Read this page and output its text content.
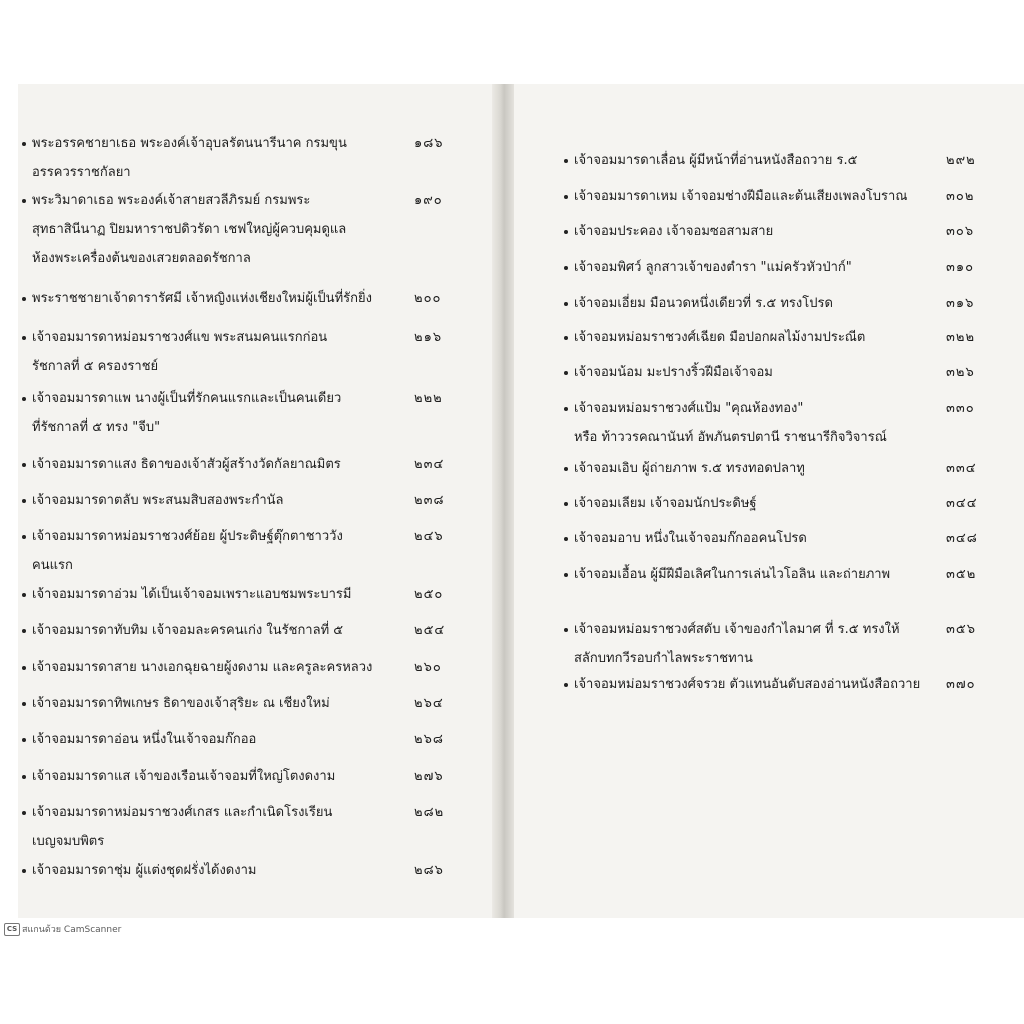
พระอรรคชายาเธอ พระองค์เจ้าอุบลรัตนนารีนาค กรมขุน
อรรควรราชกัลยา
๑๘๖
พระวิมาดาเธอ พระองค์เจ้าสายสวลีภิรมย์ กรมพระ
สุทธาสินีนาฏ ปิยมหาราชปดิวรัดา เชฟใหญ่ผู้ควบคุมดูแล
ห้องพระเครื่องต้นของเสวยตลอดรัชกาล
๑๙๐
พระราชชายาเจ้าดารารัศมี เจ้าหญิงแห่งเชียงใหม่ผู้เป็นที่รักยิ่ง	๒๐๐
เจ้าจอมมารดาหม่อมราชวงศ์แข พระสนมคนแรกก่อน
รัชกาลที่ ๕ ครองราชย์
๒๑๖
เจ้าจอมมารดาแพ นางผู้เป็นที่รักคนแรกและเป็นคนเดียว
ที่รัชกาลที่ ๕ ทรง "จีบ"
๒๒๒
เจ้าจอมมารดาแสง ธิดาของเจ้าสัวผู้สร้างวัดกัลยาณมิตร	๒๓๔
เจ้าจอมมารดาตลับ พระสนมสิบสองพระกำนัล	๒๓๘
เจ้าจอมมารดาหม่อมราชวงศ์ย้อย ผู้ประดิษฐ์ตุ๊กตาชาววัง
คนแรก
๒๔๖
เจ้าจอมมารดาอ่วม ได้เป็นเจ้าจอมเพราะแอบชมพระบารมี	๒๕๐
เจ้าจอมมารดาทับทิม เจ้าจอมละครคนเก่ง ในรัชกาลที่ ๕	๒๕๔
เจ้าจอมมารดาสาย นางเอกฉุยฉายผู้งดงาม และครูละครหลวง	๒๖๐
เจ้าจอมมารดาทิพเกษร ธิดาของเจ้าสุริยะ ณ เชียงใหม่	๒๖๔
เจ้าจอมมารดาอ่อน หนึ่งในเจ้าจอมก๊กออ	๒๖๘
เจ้าจอมมารดาแส เจ้าของเรือนเจ้าจอมที่ใหญ่โตงดงาม	๒๗๖
เจ้าจอมมารดาหม่อมราชวงศ์เกสร และกำเนิดโรงเรียน
เบญจมบพิตร
๒๘๒
เจ้าจอมมารดาชุ่ม ผู้แต่งชุดฝรั่งได้งดงาม	๒๘๖
เจ้าจอมมารดาเลื่อน ผู้มีหน้าที่อ่านหนังสือถวาย ร.๕	๒๙๒
เจ้าจอมมารดาเหม เจ้าจอมช่างฝีมือและต้นเสียงเพลงโบราณ	๓๐๒
เจ้าจอมประคอง เจ้าจอมซอสามสาย	๓๐๖
เจ้าจอมพิศว์ ลูกสาวเจ้าของตำรา "แม่ครัวหัวป่าก์"	๓๑๐
เจ้าจอมเอี่ยม มือนวดหนึ่งเดียวที่ ร.๕ ทรงโปรด	๓๑๖
เจ้าจอมหม่อมราชวงศ์เฉียด มือปอกผลไม้งามประณีต	๓๒๒
เจ้าจอมน้อม มะปรางริ้วฝีมือเจ้าจอม	๓๒๖
เจ้าจอมหม่อมราชวงศ์แป้ม "คุณห้องทอง"
หรือ ท้าววรคณานันท์ อัพภันตรปตานี ราชนารีกิจวิจารณ์
๓๓๐
เจ้าจอมเอิบ ผู้ถ่ายภาพ ร.๕ ทรงทอดปลาทู	๓๓๔
เจ้าจอมเลียม เจ้าจอมนักประดิษฐ์	๓๔๔
เจ้าจอมอาบ หนึ่งในเจ้าจอมก๊กออคนโปรด	๓๔๘
เจ้าจอมเอื้อน ผู้มีฝีมือเลิศในการเล่นไวโอลิน และถ่ายภาพ	๓๕๒
เจ้าจอมหม่อมราชวงศ์สดับ เจ้าของกำไลมาศ ที่ ร.๕ ทรงให้
สลักบทกวีรอบกำไลพระราชทาน
๓๕๖
เจ้าจอมหม่อมราชวงศ์จรวย ตัวแทนอันดับสองอ่านหนังสือถวาย ๓๗๐
CS สแกนด้วย CamScanner
